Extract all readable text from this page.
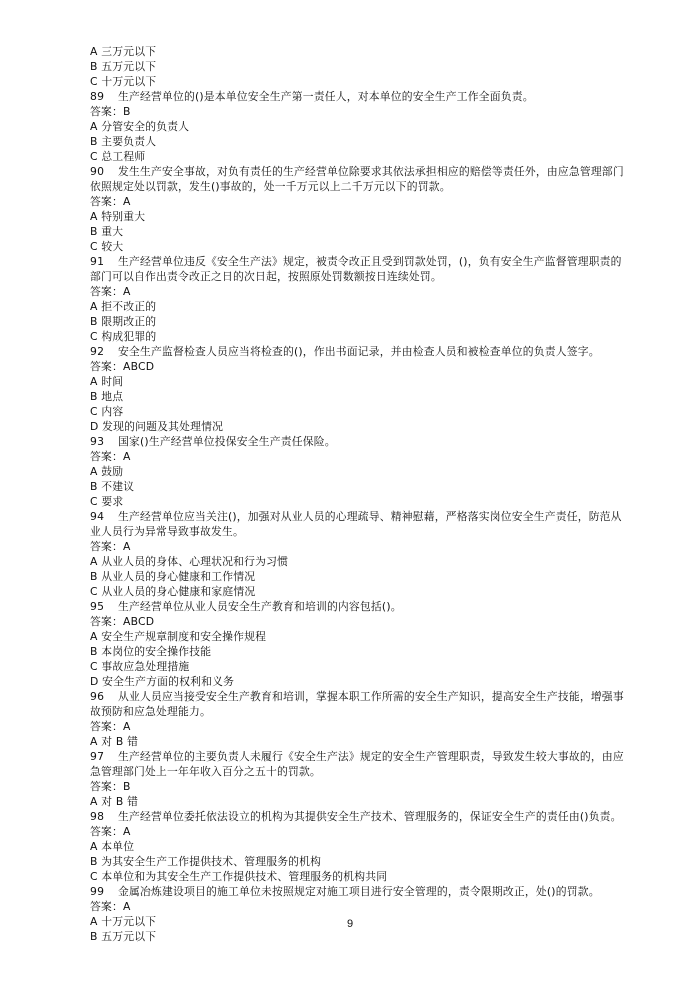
A 三万元以下
B 五万元以下
C 十万元以下
89 生产经营单位的()是本单位安全生产第一责任人，对本单位的安全生产工作全面负责。
答案：B
A 分管安全的负责人
B 主要负责人
C 总工程师
90 发生生产安全事故，对负有责任的生产经营单位除要求其依法承担相应的赔偿等责任外，由应急管理部门依照规定处以罚款，发生()事故的，处一千万元以上二千万元以下的罚款。
答案：A
A 特别重大
B 重大
C 较大
91 生产经营单位违反《安全生产法》规定，被责令改正且受到罚款处罚，()，负有安全生产监督管理职责的部门可以自作出责令改正之日的次日起，按照原处罚数额按日连续处罚。
答案：A
A 拒不改正的
B 限期改正的
C 构成犯罪的
92 安全生产监督检查人员应当将检查的()，作出书面记录，并由检查人员和被检查单位的负责人签字。
答案：ABCD
A 时间
B 地点
C 内容
D 发现的问题及其处理情况
93 国家()生产经营单位投保安全生产责任保险。
答案：A
A 鼓励
B 不建议
C 要求
94 生产经营单位应当关注()，加强对从业人员的心理疏导、精神慰藉，严格落实岗位安全生产责任，防范从业人员行为异常导致事故发生。
答案：A
A 从业人员的身体、心理状况和行为习惯
B 从业人员的身心健康和工作情况
C 从业人员的身心健康和家庭情况
95 生产经营单位从业人员安全生产教育和培训的内容包括()。
答案：ABCD
A 安全生产规章制度和安全操作规程
B 本岗位的安全操作技能
C 事故应急处理措施
D 安全生产方面的权利和义务
96 从业人员应当接受安全生产教育和培训，掌握本职工作所需的安全生产知识，提高安全生产技能，增强事故预防和应急处理能力。
答案：A
A 对 B 错
97 生产经营单位的主要负责人未履行《安全生产法》规定的安全生产管理职责，导致发生较大事故的，由应急管理部门处上一年年收入百分之五十的罚款。
答案：B
A 对 B 错
98 生产经营单位委托依法设立的机构为其提供安全生产技术、管理服务的，保证安全生产的责任由()负责。
答案：A
A 本单位
B 为其安全生产工作提供技术、管理服务的机构
C 本单位和为其安全生产工作提供技术、管理服务的机构共同
99 金属冶炼建设项目的施工单位未按照规定对施工项目进行安全管理的，责令限期改正，处()的罚款。
答案：A
A 十万元以下
B 五万元以下
9
